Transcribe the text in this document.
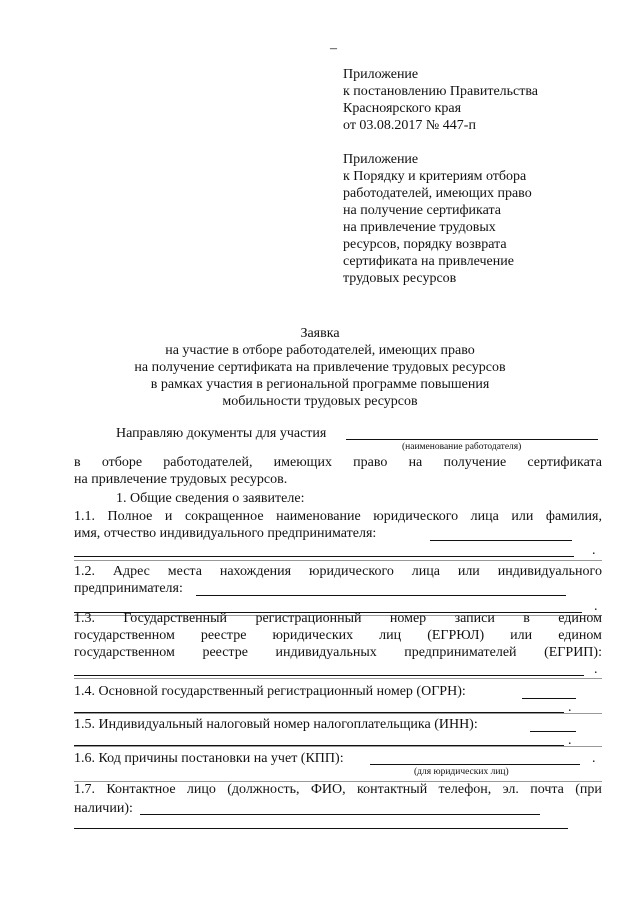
–
Приложение
к постановлению Правительства
Красноярского края
от 03.08.2017 № 447-п
Приложение
к Порядку и критериям отбора
работодателей, имеющих право
на получение сертификата
на привлечение трудовых
ресурсов, порядку возврата
сертификата на привлечение
трудовых ресурсов
Заявка
на участие в отборе работодателей, имеющих право
на получение сертификата на привлечение трудовых ресурсов
в рамках участия в региональной программе повышения
мобильности трудовых ресурсов
Направляю документы для участия
(наименование работодателя)
в отборе работодателей, имеющих право на получение сертификата
на привлечение трудовых ресурсов.
1. Общие сведения о заявителе:
1.1. Полное и сокращенное наименование юридического лица или фамилия,
имя, отчество индивидуального предпринимателя:
.
1.2. Адрес места нахождения юридического лица или индивидуального
предпринимателя:
.
1.3. Государственный регистрационный номер записи в едином
государственном реестре юридических лиц (ЕГРЮЛ) или едином
государственном реестре индивидуальных предпринимателей (ЕГРИП):
.
1.4. Основной государственный регистрационный номер (ОГРН):
.
1.5. Индивидуальный налоговый номер налогоплательщика (ИНН):
.
1.6. Код причины постановки на учет (КПП):	.
(для юридических лиц)
1.7. Контактное лицо (должность, ФИО, контактный телефон, эл. почта (при
наличии):
